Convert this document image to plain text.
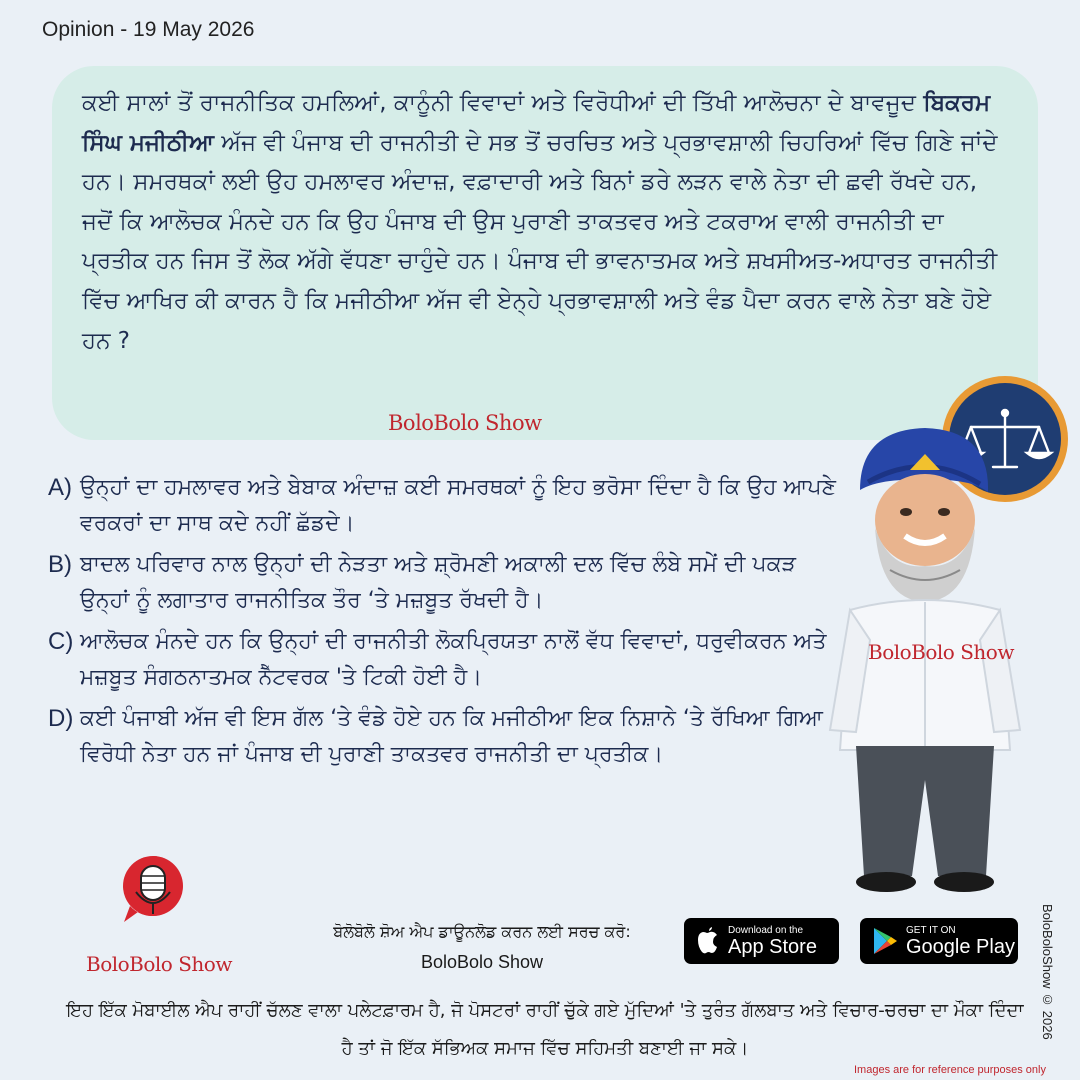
Opinion - 19 May 2026
ਕਈ ਸਾਲਾਂ ਤੋਂ ਰਾਜਨੀਤਿਕ ਹਮਲਿਆਂ, ਕਾਨੂੰਨੀ ਵਿਵਾਦਾਂ ਅਤੇ ਵਿਰੋਧੀਆਂ ਦੀ ਤਿੱਖੀ ਆਲੋਚਨਾ ਦੇ ਬਾਵਜੂਦ ਬਿਕਰਮ ਸਿੰਘ ਮਜੀਠੀਆ ਅੱਜ ਵੀ ਪੰਜਾਬ ਦੀ ਰਾਜਨੀਤੀ ਦੇ ਸਭ ਤੋਂ ਚਰਚਿਤ ਅਤੇ ਪ੍ਰਭਾਵਸ਼ਾਲੀ ਚਿਹਰਿਆਂ ਵਿੱਚ ਗਿਣੇ ਜਾਂਦੇ ਹਨ। ਸਮਰਥਕਾਂ ਲਈ ਉਹ ਹਮਲਾਵਰ ਅੰਦਾਜ਼, ਵਫ਼ਾਦਾਰੀ ਅਤੇ ਬਿਨਾਂ ਡਰੇ ਲੜਨ ਵਾਲੇ ਨੇਤਾ ਦੀ ਛਵੀ ਰੱਖਦੇ ਹਨ, ਜਦੋਂ ਕਿ ਆਲੋਚਕ ਮੰਨਦੇ ਹਨ ਕਿ ਉਹ ਪੰਜਾਬ ਦੀ ਉਸ ਪੁਰਾਣੀ ਤਾਕਤਵਰ ਅਤੇ ਟਕਰਾਅ ਵਾਲੀ ਰਾਜਨੀਤੀ ਦਾ ਪ੍ਰਤੀਕ ਹਨ ਜਿਸ ਤੋਂ ਲੋਕ ਅੱਗੇ ਵੱਧਣਾ ਚਾਹੁੰਦੇ ਹਨ। ਪੰਜਾਬ ਦੀ ਭਾਵਨਾਤਮਕ ਅਤੇ ਸ਼ਖਸੀਅਤ-ਅਧਾਰਤ ਰਾਜਨੀਤੀ ਵਿੱਚ ਆਖਿਰ ਕੀ ਕਾਰਨ ਹੈ ਕਿ ਮਜੀਠੀਆ ਅੱਜ ਵੀ ਏਨ੍ਹੇ ਪ੍ਰਭਾਵਸ਼ਾਲੀ ਅਤੇ ਵੰਡ ਪੈਦਾ ਕਰਨ ਵਾਲੇ ਨੇਤਾ ਬਣੇ ਹੋਏ ਹਨ ?
BoloBolo Show
A) ਉਨ੍ਹਾਂ ਦਾ ਹਮਲਾਵਰ ਅਤੇ ਬੇਬਾਕ ਅੰਦਾਜ਼ ਕਈ ਸਮਰਥਕਾਂ ਨੂੰ ਇਹ ਭਰੋਸਾ ਦਿੰਦਾ ਹੈ ਕਿ ਉਹ ਆਪਣੇ ਵਰਕਰਾਂ ਦਾ ਸਾਥ ਕਦੇ ਨਹੀਂ ਛੱਡਦੇ।
B) ਬਾਦਲ ਪਰਿਵਾਰ ਨਾਲ ਉਨ੍ਹਾਂ ਦੀ ਨੇੜਤਾ ਅਤੇ ਸ਼੍ਰੋਮਣੀ ਅਕਾਲੀ ਦਲ ਵਿੱਚ ਲੰਬੇ ਸਮੇਂ ਦੀ ਪਕੜ ਉਨ੍ਹਾਂ ਨੂੰ ਲਗਾਤਾਰ ਰਾਜਨੀਤਿਕ ਤੌਰ ‘ਤੇ ਮਜ਼ਬੂਤ ਰੱਖਦੀ ਹੈ।
C) ਆਲੋਚਕ ਮੰਨਦੇ ਹਨ ਕਿ ਉਨ੍ਹਾਂ ਦੀ ਰਾਜਨੀਤੀ ਲੋਕਪ੍ਰਿਯਤਾ ਨਾਲੋਂ ਵੱਧ ਵਿਵਾਦਾਂ, ਧਰੁਵੀਕਰਨ ਅਤੇ ਮਜ਼ਬੂਤ ਸੰਗਠਨਾਤਮਕ ਨੈੱਟਵਰਕ 'ਤੇ ਟਿਕੀ ਹੋਈ ਹੈ।
D) ਕਈ ਪੰਜਾਬੀ ਅੱਜ ਵੀ ਇਸ ਗੱਲ ‘ਤੇ ਵੰਡੇ ਹੋਏ ਹਨ ਕਿ ਮਜੀਠੀਆ ਇਕ ਨਿਸ਼ਾਨੇ ‘ਤੇ ਰੱਖਿਆ ਗਿਆ ਵਿਰੋਧੀ ਨੇਤਾ ਹਨ ਜਾਂ ਪੰਜਾਬ ਦੀ ਪੁਰਾਣੀ ਤਾਕਤਵਰ ਰਾਜਨੀਤੀ ਦਾ ਪ੍ਰਤੀਕ।
BoloBolo Show
BoloBolo Show
ਬੋਲੋਬੋਲੋ ਸ਼ੋਅ ਐਪ ਡਾਊਨਲੋਡ ਕਰਨ ਲਈ ਸਰਚ ਕਰੋ:
BoloBolo Show
Download on the
App Store
GET IT ON
Google Play
ਇਹ ਇੱਕ ਮੋਬਾਈਲ ਐਪ ਰਾਹੀਂ ਚੱਲਣ ਵਾਲਾ ਪਲੇਟਫ਼ਾਰਮ ਹੈ, ਜੋ ਪੋਸਟਰਾਂ ਰਾਹੀਂ ਚੁੱਕੇ ਗਏ ਮੁੱਦਿਆਂ 'ਤੇ ਤੁਰੰਤ ਗੱਲਬਾਤ ਅਤੇ ਵਿਚਾਰ-ਚਰਚਾ ਦਾ ਮੌਕਾ ਦਿੰਦਾ ਹੈ ਤਾਂ ਜੋ ਇੱਕ ਸੱਭਿਅਕ ਸਮਾਜ ਵਿੱਚ ਸਹਿਮਤੀ ਬਣਾਈ ਜਾ ਸਕੇ।
BoloBoloShow © 2026
Images are for reference purposes only
